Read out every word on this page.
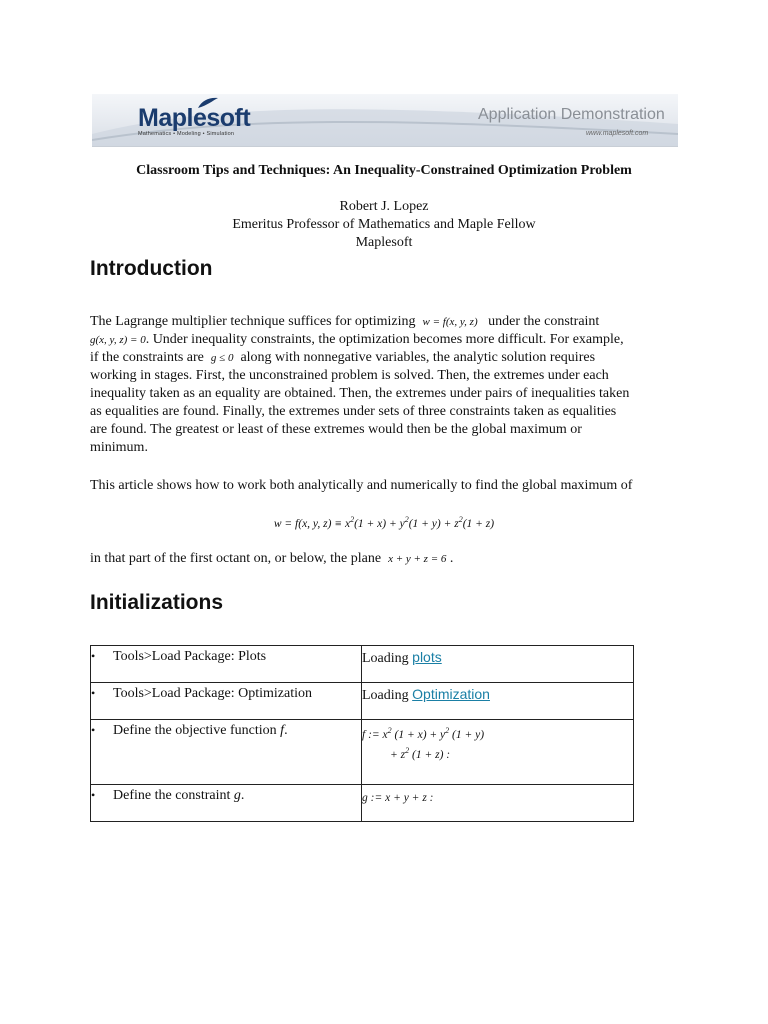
Maplesoft
Mathematics • Modeling • Simulation
Application Demonstration
www.maplesoft.com
Classroom Tips and Techniques: An Inequality-Constrained Optimization Problem
Robert J. Lopez
Emeritus Professor of Mathematics and Maple Fellow
Maplesoft
Introduction
The Lagrange multiplier technique suffices for optimizing w = f(x, y, z) under the constraint
g(x, y, z) = 0. Under inequality constraints, the optimization becomes more difficult. For example,
if the constraints are g ≤ 0 along with nonnegative variables, the analytic solution requires
working in stages. First, the unconstrained problem is solved. Then, the extremes under each
inequality taken as an equality are obtained. Then, the extremes under pairs of inequalities taken
as equalities are found. Finally, the extremes under sets of three constraints taken as equalities
are found. The greatest or least of these extremes would then be the global maximum or
minimum.
This article shows how to work both analytically and numerically to find the global maximum of
w = f(x, y, $z) \equiv x^2(1 + x) + y^2(1 + y) + z^2(1 + z)$
in that part of the first octant on, or below, the plane x + y + z = 6 .
Initializations
• Tools>Load Package: Plots	Loading plots
• Tools>Load Package: Optimization	Loading Optimization
• Define the objective function f.	f := $x^2$ $(1 + x) + y^2$ (1 + y)
+ $z^2$ (1 + z) :

• Define the constraint g.	g := x + y + z :
